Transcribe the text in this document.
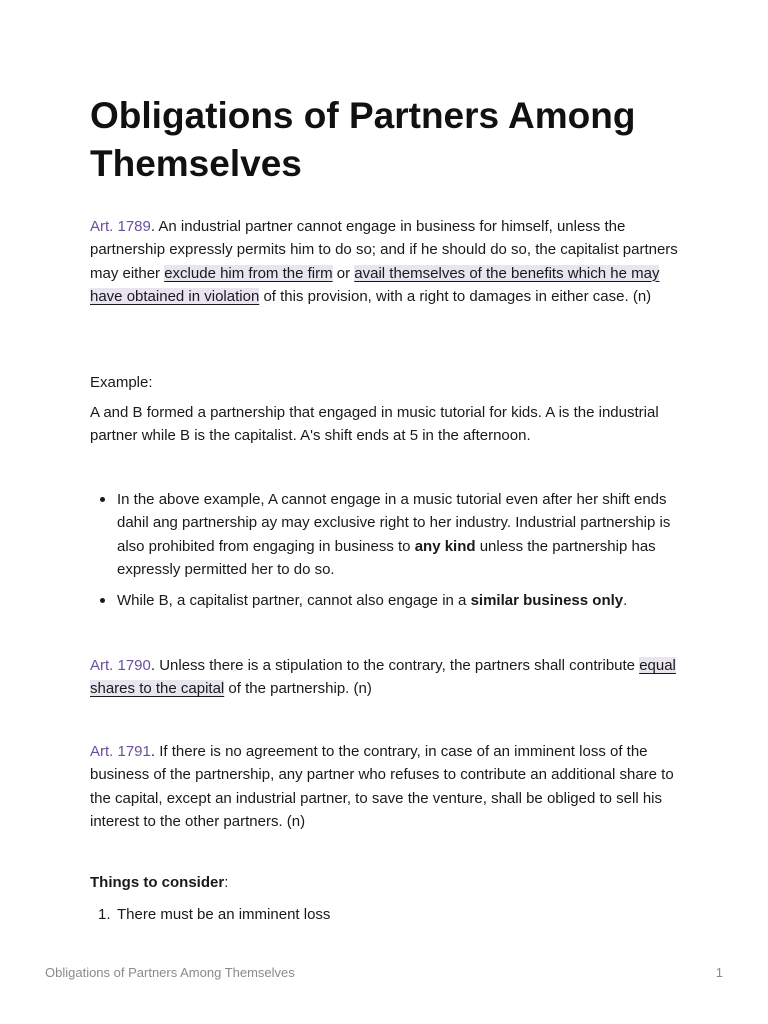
Obligations of Partners Among Themselves

Art. 1789. An industrial partner cannot engage in business for himself, unless the partnership expressly permits him to do so; and if he should do so, the capitalist partners
may either exclude him from the firm or avail themselves of the benefits which he may have obtained in violation of this provision, with a right to damages in either case. (n)

Example:

A and B formed a partnership that engaged in music tutorial for kids. A is the industrial partner while B is the capitalist. A's shift ends at 5 in the afternoon.

In the above example, A cannot engage in a music tutorial even after her shift ends dahil ang partnership ay may exclusive right to her industry. Industrial partnership is also prohibited from engaging in business to any kind unless the partnership has expressly permitted her to do so.
While B, a capitalist partner, cannot also engage in a similar business only.

Art. 1790. Unless there is a stipulation to the contrary, the partners shall contribute equal shares to the capital of the partnership. (n)

Art. 1791. If there is no agreement to the contrary, in case of an imminent loss of the business of the partnership, any partner who refuses to contribute an additional share to the capital, except an industrial partner, to save the venture, shall be obliged to sell his interest to the other partners. (n)

Things to consider:

1. There must be an imminent loss
Obligations of Partners Among Themselves	1
